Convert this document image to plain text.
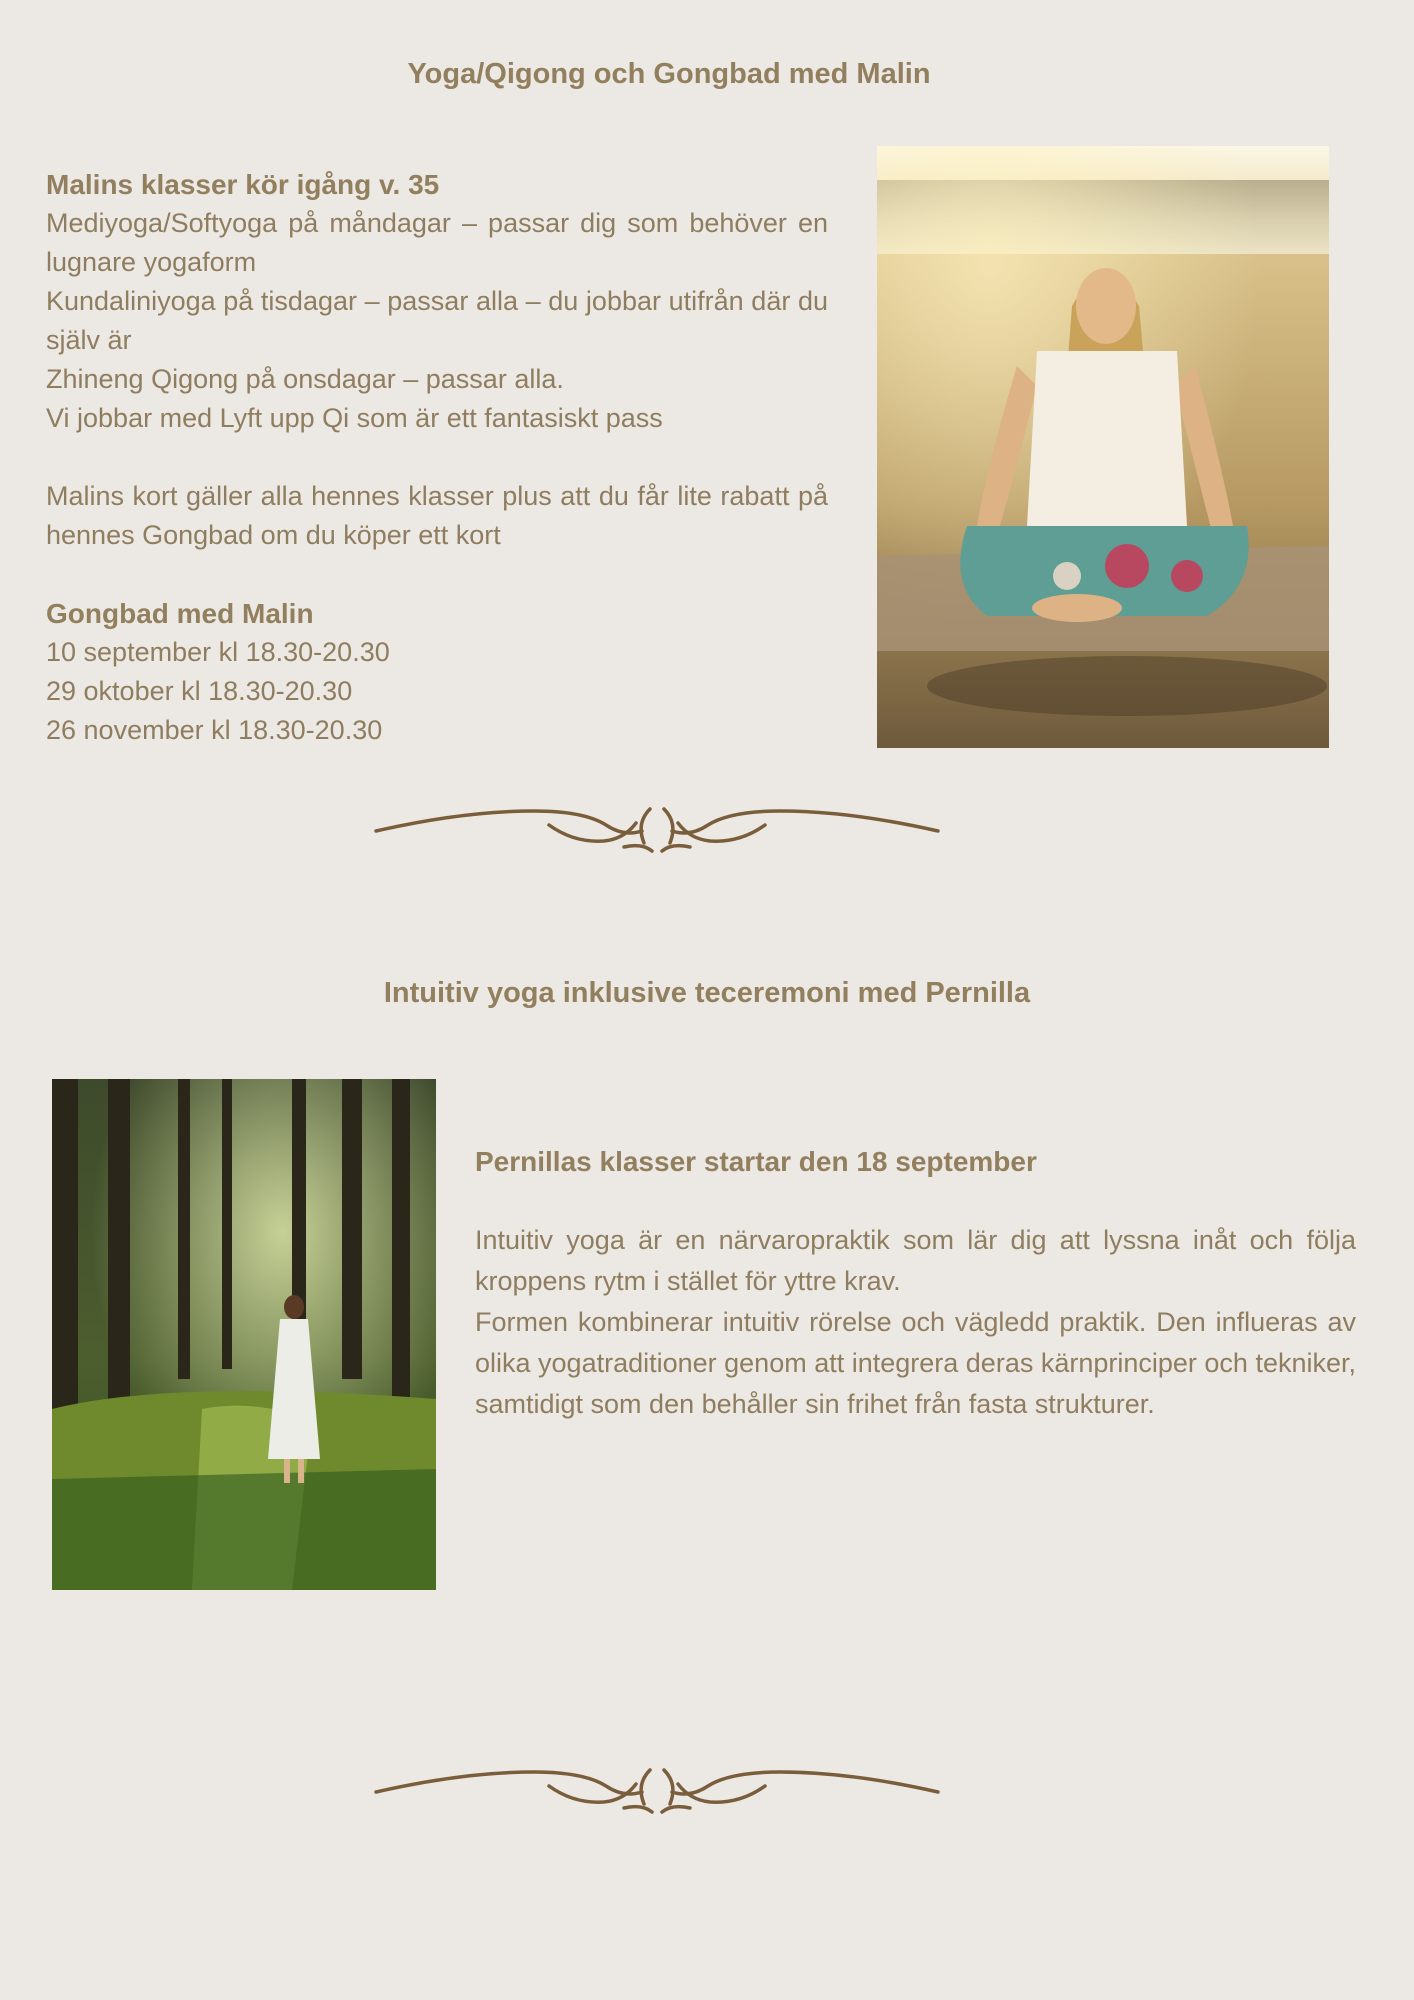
Yoga/Qigong och Gongbad med Malin
Malins klasser kör igång v. 35

Mediyoga/Softyoga på måndagar – passar dig som behöver en lugnare yogaform

Kundaliniyoga på tisdagar – passar alla – du jobbar utifrån där du själv är

Zhineng Qigong på onsdagar – passar alla.

Vi jobbar med Lyft upp Qi som är ett fantasiskt pass

Malins kort gäller alla hennes klasser plus att du får lite rabatt på hennes Gongbad om du köper ett kort

Gongbad med Malin

10 september kl 18.30-20.30

29 oktober kl 18.30-20.30

26 november kl 18.30-20.30

Intuitiv yoga inklusive teceremoni med Pernilla
Pernillas klasser startar den 18 september

Intuitiv yoga är en närvaropraktik som lär dig att lyssna inåt och följa kroppens rytm i stället för yttre krav.

Formen kombinerar intuitiv rörelse och vägledd praktik. Den influeras av olika yogatraditioner genom att integrera deras kärnprinciper och tekniker, samtidigt som den behåller sin frihet från fasta strukturer.
